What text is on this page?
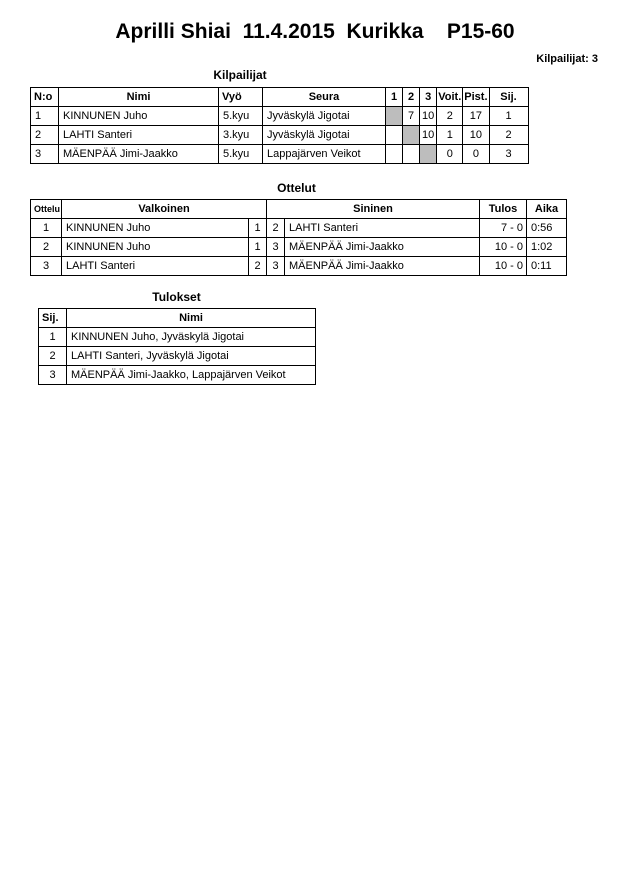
Aprilli Shiai  11.4.2015  Kurikka    P15-60
Kilpailijat: 3
Kilpailijat
N:o	Nimi	Vyö	Seura	1	2	3	Voit.	Pist.	Sij.
1	KINNUNEN Juho	5.kyu	Jyväskylä Jigotai		7	10	2	17	1
2	LAHTI Santeri	3.kyu	Jyväskylä Jigotai			10	1	10	2
3	MÄENPÄÄ Jimi-Jaakko	5.kyu	Lappajärven Veikot				0	0	3
Ottelut
Ottelu	Valkoinen		Sininen		Tulos	Aika
1	KINNUNEN Juho	1	2	LAHTI Santeri	7 - 0	0:56
2	KINNUNEN Juho	1	3	MÄENPÄÄ Jimi-Jaakko	10 - 0	1:02
3	LAHTI Santeri	2	3	MÄENPÄÄ Jimi-Jaakko	10 - 0	0:11
Tulokset
Sij.	Nimi
1	KINNUNEN Juho, Jyväskylä Jigotai
2	LAHTI Santeri, Jyväskylä Jigotai
3	MÄENPÄÄ Jimi-Jaakko, Lappajärven Veikot
